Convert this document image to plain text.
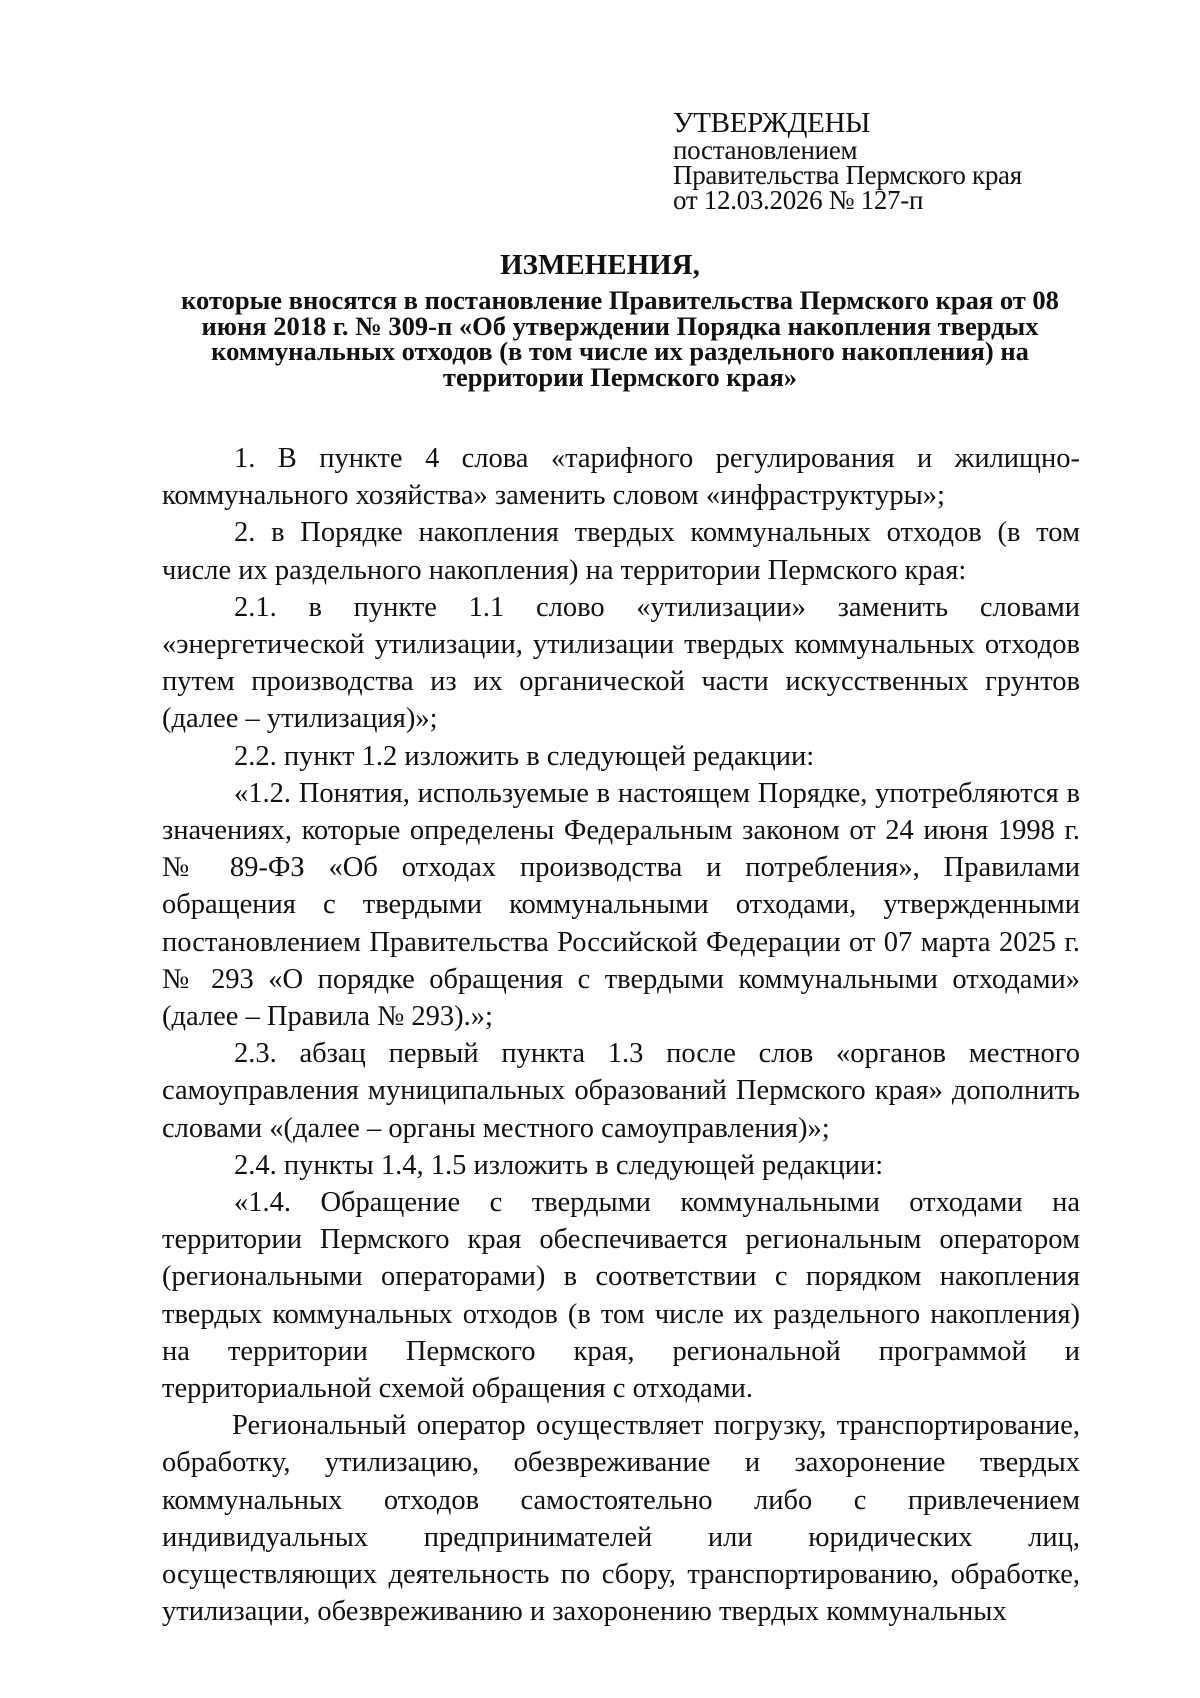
УТВЕРЖДЕНЫ
постановлением
Правительства Пермского края
от 12.03.2026 № 127-п
ИЗМЕНЕНИЯ,
которые вносятся в постановление Правительства Пермского края от 08 июня 2018 г. № 309-п «Об утверждении Порядка накопления твердых коммунальных отходов (в том числе их раздельного накопления) на территории Пермского края»

1. В пункте 4 слова «тарифного регулирования и жилищно-коммунального хозяйства» заменить словом «инфраструктуры»;

2. в Порядке накопления твердых коммунальных отходов (в том числе их раздельного накопления) на территории Пермского края:

2.1. в пункте 1.1 слово «утилизации» заменить словами «энергетической утилизации, утилизации твердых коммунальных отходов путем производства из их органической части искусственных грунтов (далее – утилизация)»;

2.2. пункт 1.2 изложить в следующей редакции:

«1.2. Понятия, используемые в настоящем Порядке, употребляются в значениях, которые определены Федеральным законом от 24 июня 1998 г. № 89-ФЗ «Об отходах производства и потребления», Правилами обращения с твердыми коммунальными отходами, утвержденными постановлением Правительства Российской Федерации от 07 марта 2025 г. № 293 «О порядке обращения с твердыми коммунальными отходами» (далее – Правила № 293).»;

2.3. абзац первый пункта 1.3 после слов «органов местного самоуправления муниципальных образований Пермского края» дополнить словами «(далее – органы местного самоуправления)»;

2.4. пункты 1.4, 1.5 изложить в следующей редакции:

«1.4. Обращение с твердыми коммунальными отходами на территории Пермского края обеспечивается региональным оператором (региональными операторами) в соответствии с порядком накопления твердых коммунальных отходов (в том числе их раздельного накопления) на территории Пермского края, региональной программой и территориальной схемой обращения с отходами.

Региональный оператор осуществляет погрузку, транспортирование, обработку, утилизацию, обезвреживание и захоронение твердых коммунальных отходов самостоятельно либо с привлечением индивидуальных предпринимателей или юридических лиц, осуществляющих деятельность по сбору, транспортированию, обработке, утилизации, обезвреживанию и захоронению твердых коммунальных
